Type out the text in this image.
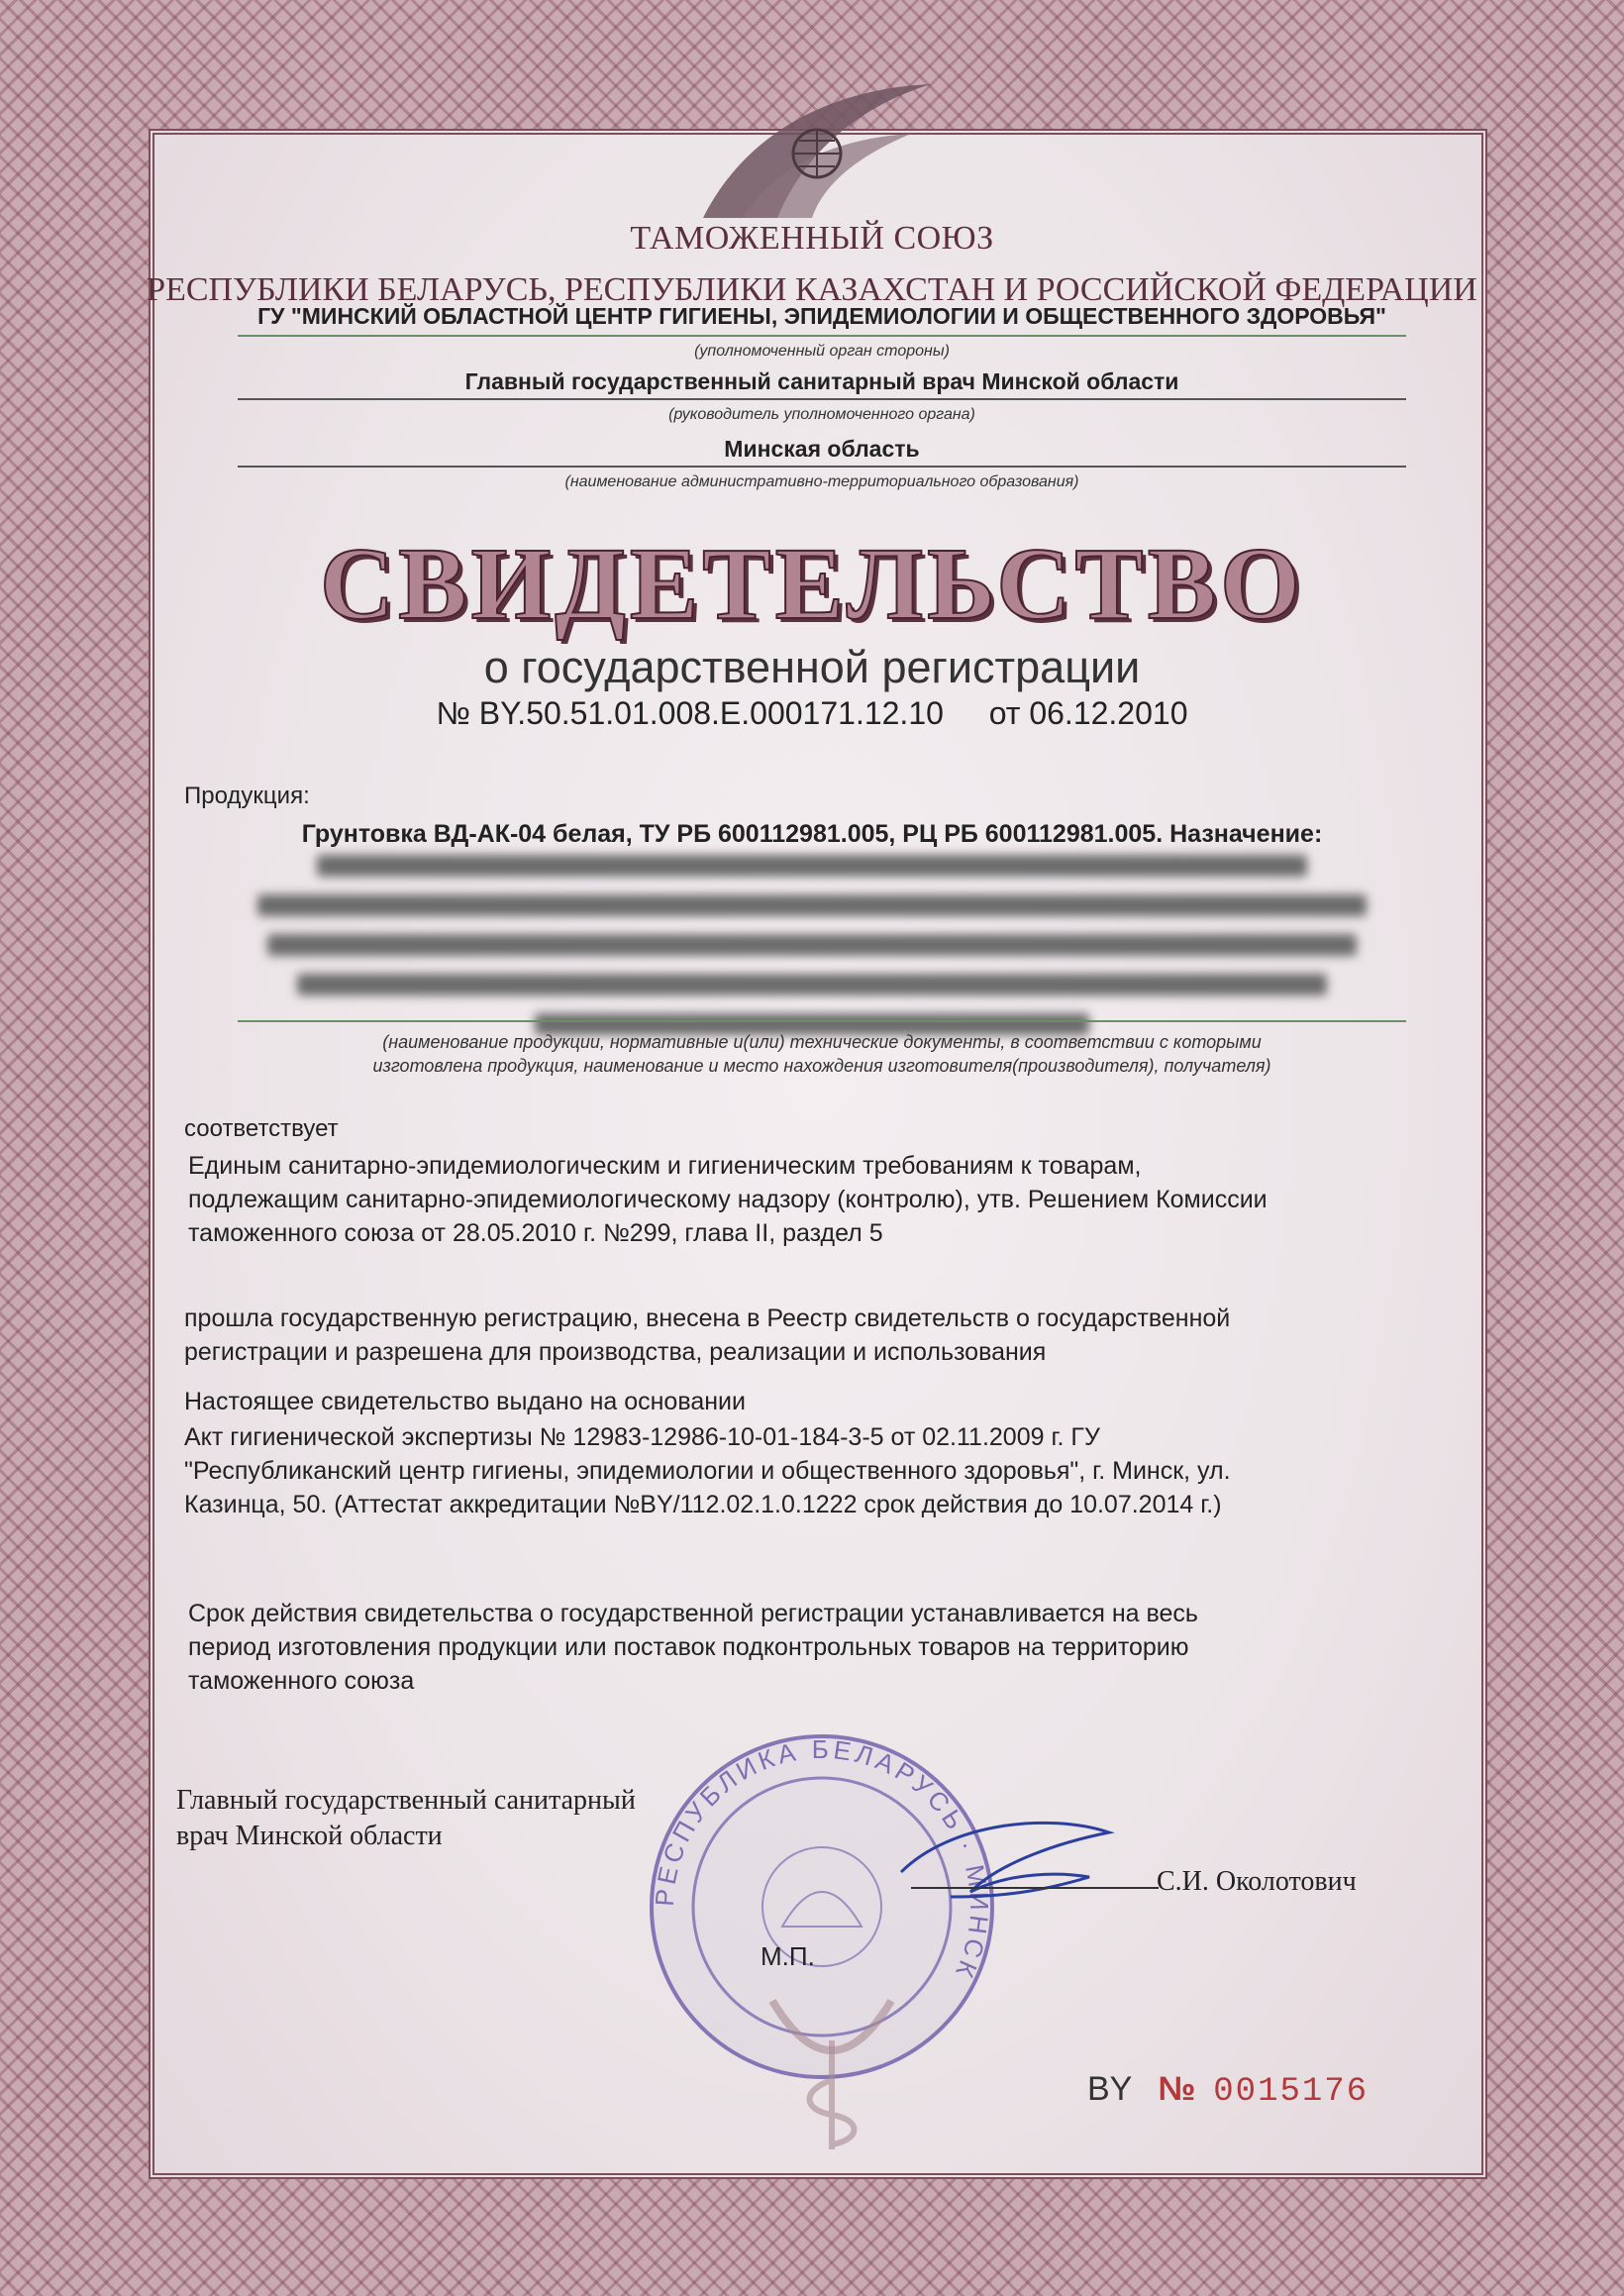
ТАМОЖЕННЫЙ СОЮЗ
РЕСПУБЛИКИ БЕЛАРУСЬ, РЕСПУБЛИКИ КАЗАХСТАН И РОССИЙСКОЙ ФЕДЕРАЦИИ
ГУ "МИНСКИЙ ОБЛАСТНОЙ ЦЕНТР ГИГИЕНЫ, ЭПИДЕМИОЛОГИИ И ОБЩЕСТВЕННОГО ЗДОРОВЬЯ"
(уполномоченный орган стороны)
Главный государственный санитарный врач Минской области
(руководитель уполномоченного органа)
Минская область
(наименование административно-территориального образования)
СВИДЕТЕЛЬСТВО
о государственной регистрации
№ BY.50.51.01.008.E.000171.12.10 от 06.12.2010
Продукция:
Грунтовка ВД-АК-04 белая, ТУ РБ 600112981.005, РЦ РБ 600112981.005. Назначение:
(наименование продукции, нормативные и(или) технические документы, в соответствии с которыми
изготовлена продукция, наименование и место нахождения изготовителя(производителя), получателя)
соответствует
Единым санитарно-эпидемиологическим и гигиеническим требованиям к товарам,
подлежащим санитарно-эпидемиологическому надзору (контролю), утв. Решением Комиссии
таможенного союза от 28.05.2010 г. №299, глава II, раздел 5
прошла государственную регистрацию, внесена в Реестр свидетельств о государственной
регистрации и разрешена для производства, реализации и использования
Настоящее свидетельство выдано на основании
Акт гигиенической экспертизы № 12983-12986-10-01-184-3-5 от 02.11.2009 г. ГУ
"Республиканский центр гигиены, эпидемиологии и общественного здоровья", г. Минск, ул.
Казинца, 50. (Аттестат аккредитации №BY/112.02.1.0.1222 срок действия до 10.07.2014 г.)
Срок действия свидетельства о государственной регистрации устанавливается на весь
период изготовления продукции или поставок подконтрольных товаров на территорию
таможенного союза
Главный государственный санитарный
врач Минской области
РЕСПУБЛИКА БЕЛАРУСЬ · МИНСК
С.И. Околотович
М.П.
BY № 0015176
